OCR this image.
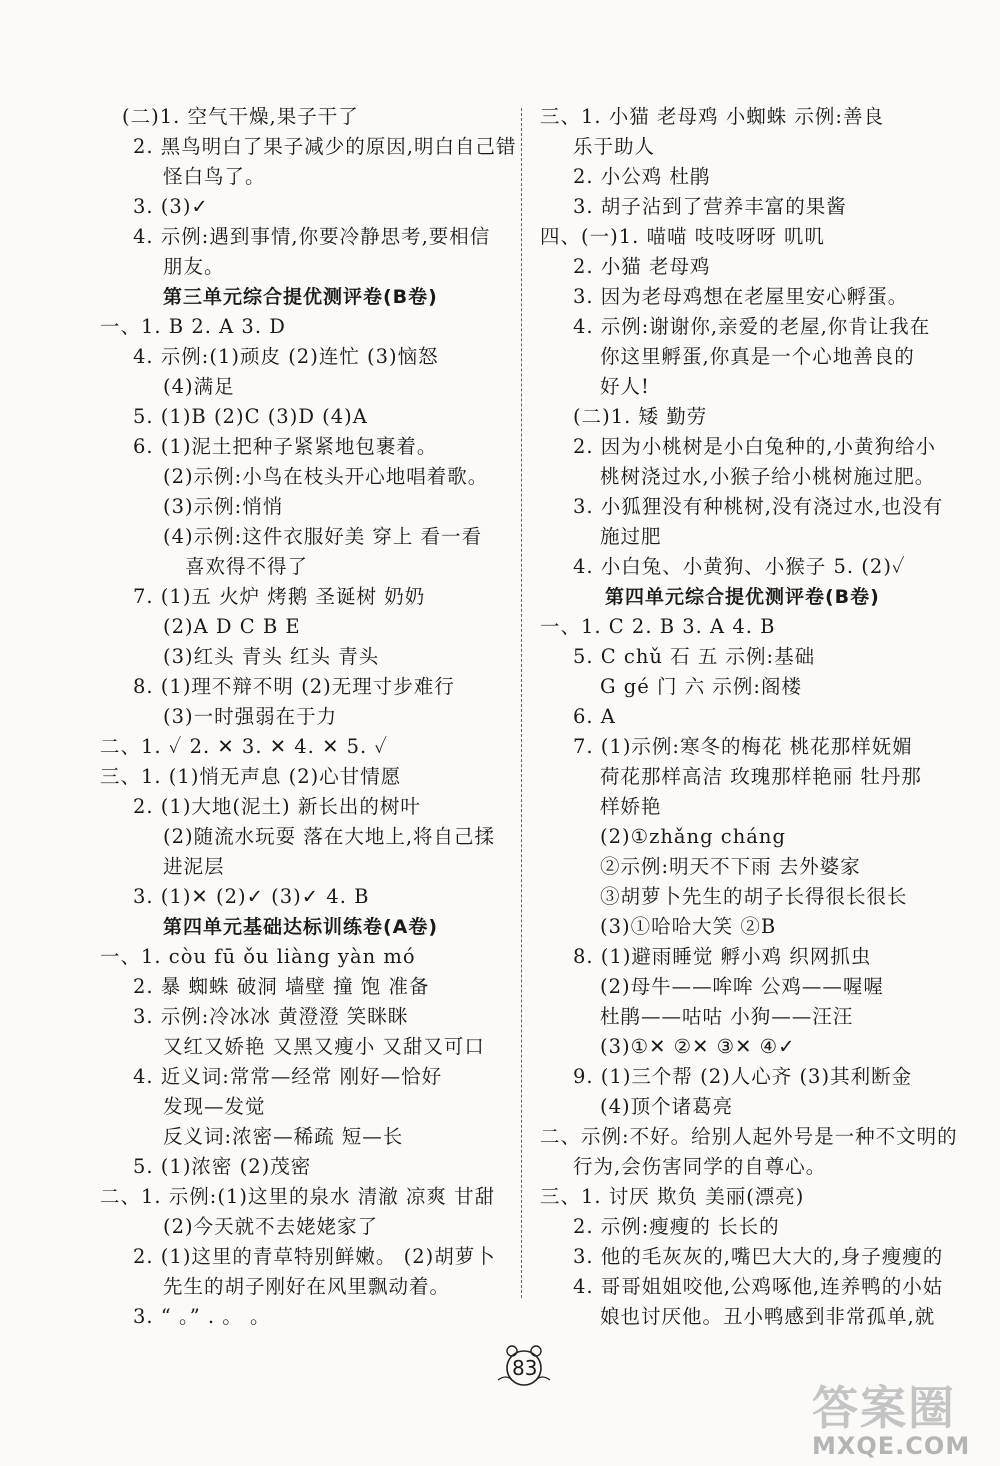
(二)1. 空气干燥,果子干了
2. 黑鸟明白了果子减少的原因,明白自己错
怪白鸟了。
3. (3)✓
4. 示例:遇到事情,你要冷静思考,要相信
朋友。
第三单元综合提优测评卷(B卷)
一、1. B 2. A 3. D
4. 示例:(1)顽皮 (2)连忙 (3)恼怒
(4)满足
5. (1)B (2)C (3)D (4)A
6. (1)泥土把种子紧紧地包裹着。
(2)示例:小鸟在枝头开心地唱着歌。
(3)示例:悄悄
(4)示例:这件衣服好美 穿上 看一看
喜欢得不得了
7. (1)五 火炉 烤鹅 圣诞树 奶奶
(2)A D C B E
(3)红头 青头 红头 青头
8. (1)理不辩不明 (2)无理寸步难行
(3)一时强弱在于力
二、1. ✓ 2. ✕ 3. ✕ 4. ✕ 5. ✓
三、1. (1)悄无声息 (2)心甘情愿
2. (1)大地(泥土) 新长出的树叶
(2)随流水玩耍 落在大地上,将自己揉
进泥层
3. (1)✕ (2)✓ (3)✓ 4. B
第四单元基础达标训练卷(A卷)
一、1. còu fū ǒu liàng yàn mó
2. 暴 蜘蛛 破洞 墙壁 撞 饱 准备
3. 示例:冷冰冰 黄澄澄 笑眯眯
又红又娇艳 又黑又瘦小 又甜又可口
4. 近义词:常常—经常 刚好—恰好
发现—发觉
反义词:浓密—稀疏 短—长
5. (1)浓密 (2)茂密
二、1. 示例:(1)这里的泉水 清澈 凉爽 甘甜
(2)今天就不去姥姥家了
2. (1)这里的青草特别鲜嫩。 (2)胡萝卜
先生的胡子刚好在风里飘动着。
3. “ 。” . 。 。
三、1. 小猫 老母鸡 小蜘蛛 示例:善良
乐于助人
2. 小公鸡 杜鹃
3. 胡子沾到了营养丰富的果酱
四、(一)1. 喵喵 吱吱呀呀 叽叽
2. 小猫 老母鸡
3. 因为老母鸡想在老屋里安心孵蛋。
4. 示例:谢谢你,亲爱的老屋,你肯让我在
你这里孵蛋,你真是一个心地善良的
好人!
(二)1. 矮 勤劳
2. 因为小桃树是小白兔种的,小黄狗给小
桃树浇过水,小猴子给小桃树施过肥。
3. 小狐狸没有种桃树,没有浇过水,也没有
施过肥
4. 小白兔、小黄狗、小猴子 5. (2)✓
第四单元综合提优测评卷(B卷)
一、1. C 2. B 3. A 4. B
5. C chǔ 石 五 示例:基础
G gé 门 六 示例:阁楼
6. A
7. (1)示例:寒冬的梅花 桃花那样妩媚
荷花那样高洁 玫瑰那样艳丽 牡丹那
样娇艳
(2)①zhǎng cháng
②示例:明天不下雨 去外婆家
③胡萝卜先生的胡子长得很长很长
(3)①哈哈大笑 ②B
8. (1)避雨睡觉 孵小鸡 织网抓虫
(2)母牛——哞哞 公鸡——喔喔
杜鹃——咕咕 小狗——汪汪
(3)①✕ ②✕ ③✕ ④✓
9. (1)三个帮 (2)人心齐 (3)其利断金
(4)顶个诸葛亮
二、示例:不好。给别人起外号是一种不文明的
行为,会伤害同学的自尊心。
三、1. 讨厌 欺负 美丽(漂亮)
2. 示例:瘦瘦的 长长的
3. 他的毛灰灰的,嘴巴大大的,身子瘦瘦的
4. 哥哥姐姐咬他,公鸡啄他,连养鸭的小姑
娘也讨厌他。丑小鸭感到非常孤单,就
83
答案圈
MXQE.COM
